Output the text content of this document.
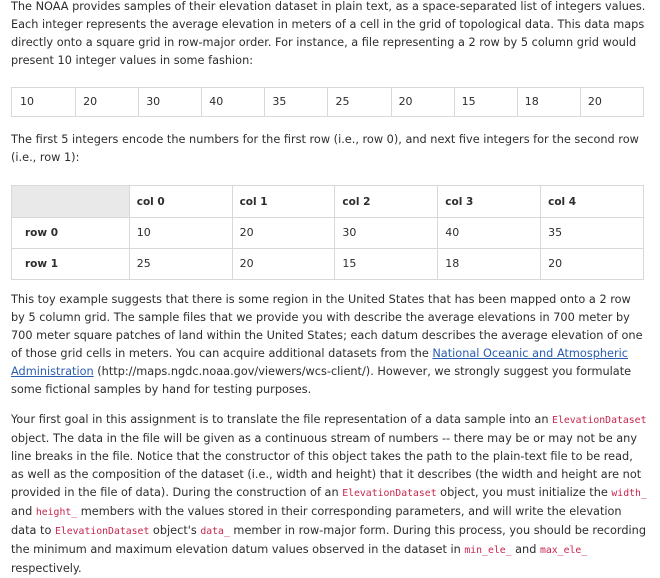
The NOAA provides samples of their elevation dataset in plain text, as a space-separated list of integers values. Each integer represents the average elevation in meters of a cell in the grid of topological data. This data maps directly onto a square grid in row-major order. For instance, a file representing a 2 row by 5 column grid would present 10 integer values in some fashion:

10	20	30	40	35	25	20	15	18	20

The first 5 integers encode the numbers for the first row (i.e., row 0), and next five integers for the second row (i.e., row 1):

	col 0	col 1	col 2	col 3	col 4
row 0	10	20	30	40	35
row 1	25	20	15	18	20

This toy example suggests that there is some region in the United States that has been mapped onto a 2 row by 5 column grid. The sample files that we provide you with describe the average elevations in 700 meter by 700 meter square patches of land within the United States; each datum describes the average elevation of one of those grid cells in meters. You can acquire additional datasets from the National Oceanic and Atmospheric Administration (http://maps.ngdc.noaa.gov/viewers/wcs-client/). However, we strongly suggest you formulate some fictional samples by hand for testing purposes.

Your first goal in this assignment is to translate the file representation of a data sample into an ElevationDataset object. The data in the file will be given as a continuous stream of numbers -- there may be or may not be any line breaks in the file. Notice that the constructor of this object takes the path to the plain-text file to be read, as well as the composition of the dataset (i.e., width and height) that it describes (the width and height are not provided in the file of data). During the construction of an ElevationDataset object, you must initialize the width_ and height_ members with the values stored in their corresponding parameters, and will write the elevation data to ElevationDataset object's data_ member in row-major form. During this process, you should be recording the minimum and maximum elevation datum values observed in the dataset in min_ele_ and max_ele_ respectively.
